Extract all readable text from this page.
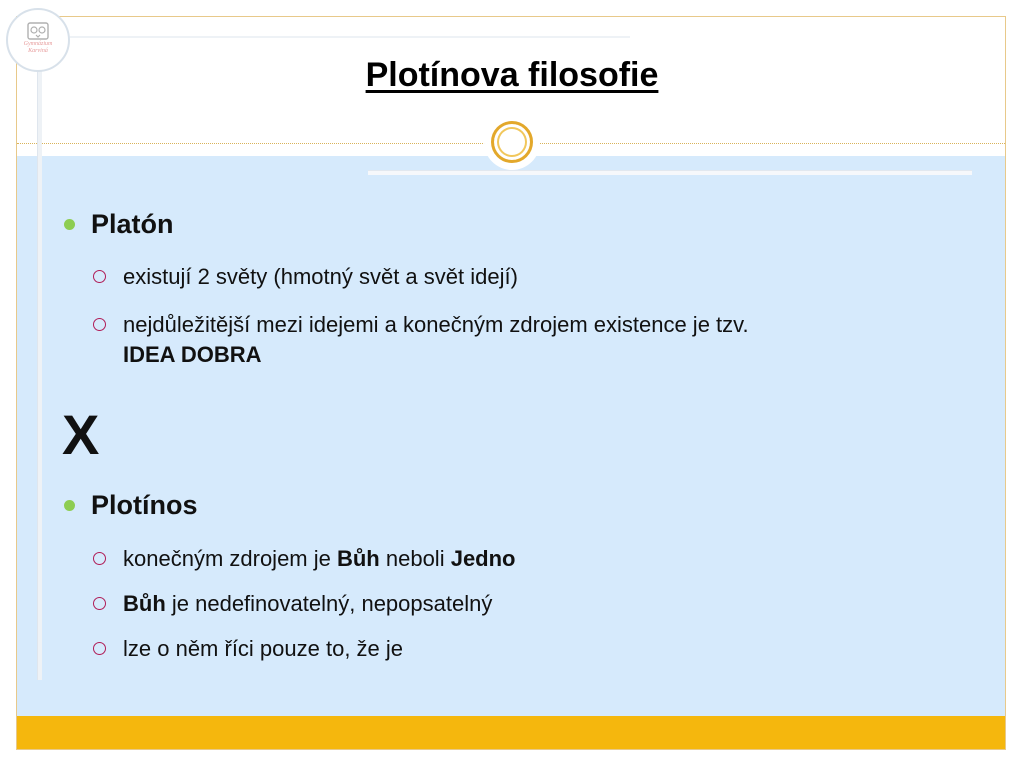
Gymnázium
Karviná
Plotínova filosofie
Platón
existují 2 světy (hmotný svět a svět idejí)
nejdůležitější mezi idejemi a konečným zdrojem existence je tzv.
IDEA DOBRA
X
Plotínos
konečným zdrojem je Bůh neboli Jedno
Bůh je nedefinovatelný, nepopsatelný
lze o něm říci pouze to, že je
